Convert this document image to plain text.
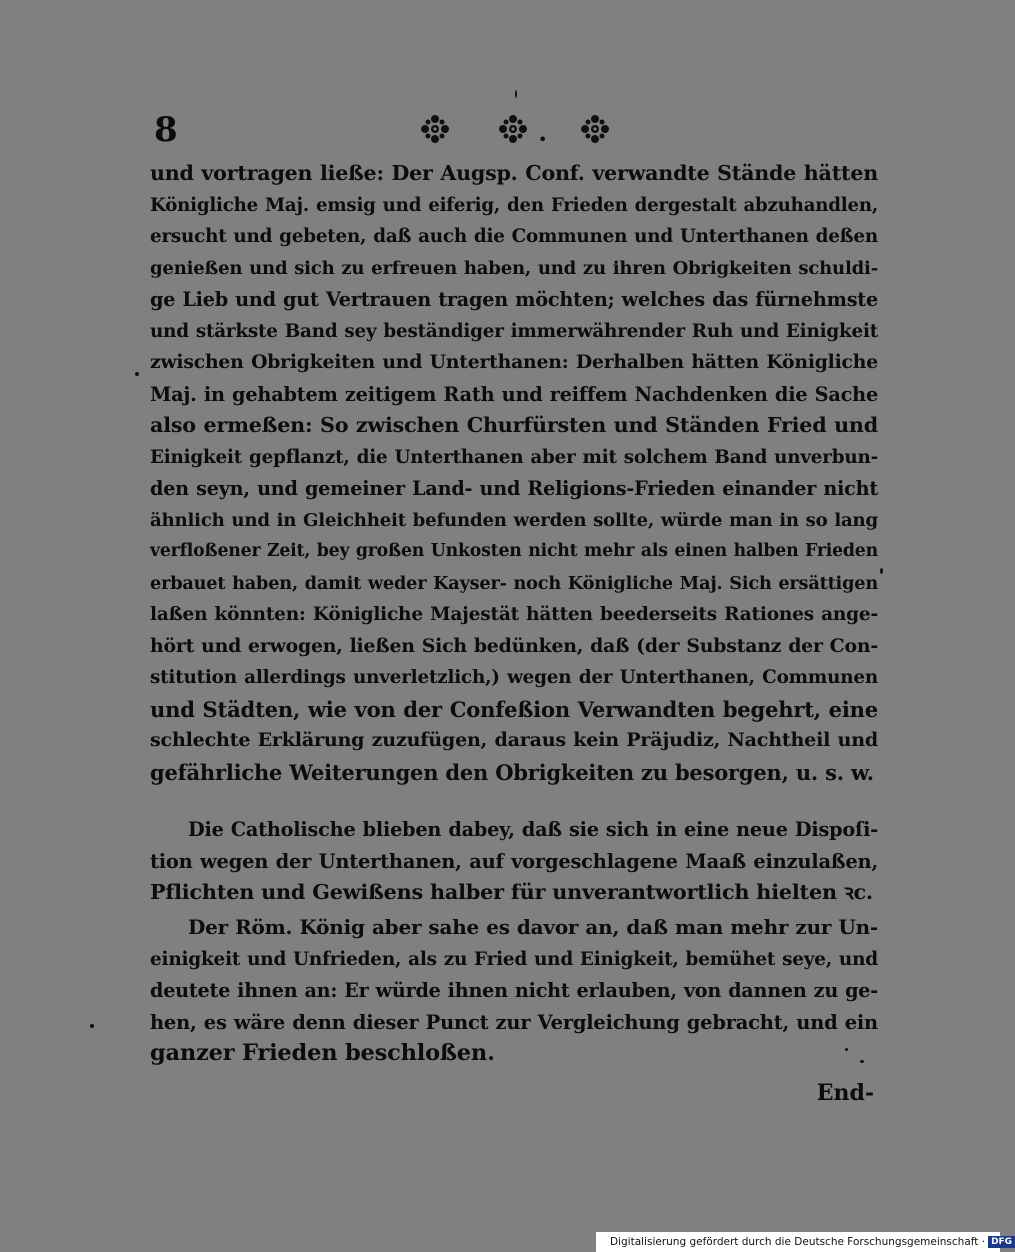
8	•
und vortragen ließe: Der Augsp. Conf. verwandte Stände hätten
Königliche Maj. emsig und eiferig, den Frieden dergestalt abzuhandlen,
ersucht und gebeten, daß auch die Communen und Unterthanen deßen
genießen und sich zu erfreuen haben, und zu ihren Obrigkeiten schuldi-
ge Lieb und gut Vertrauen tragen möchten; welches das fürnehmste
und stärkste Band sey beständiger immerwährender Ruh und Einigkeit
zwischen Obrigkeiten und Unterthanen: Derhalben hätten Königliche
Maj. in gehabtem zeitigem Rath und reiffem Nachdenken die Sache
also ermeßen: So zwischen Churfürsten und Ständen Fried und
Einigkeit gepflanzt, die Unterthanen aber mit solchem Band unverbun-
den seyn, und gemeiner Land- und Religions-Frieden einander nicht
ähnlich und in Gleichheit befunden werden sollte, würde man in so lang
verfloßener Zeit, bey großen Unkosten nicht mehr als einen halben Frieden
erbauet haben, damit weder Kayser- noch Königliche Maj. Sich ersättigen
laßen könnten: Königliche Majestät hätten beederseits Rationes ange-
hört und erwogen, ließen Sich bedünken, daß (der Substanz der Con-
stitution allerdings unverletzlich,) wegen der Unterthanen, Communen
und Städten, wie von der Confeßion Verwandten begehrt, eine
schlechte Erklärung zuzufügen, daraus kein Präjudiz, Nachtheil und
gefährliche Weiterungen den Obrigkeiten zu besorgen, u. s. w.
Die Catholische blieben dabey, daß sie sich in eine neue Dispoſi-
tion wegen der Unterthanen, auf vorgeschlagene Maaß einzulaßen,
Pflichten und Gewißens halber für unverantwortlich hielten ꝛc.
Der Röm. König aber sahe es davor an, daß man mehr zur Un-
einigkeit und Unfrieden, als zu Fried und Einigkeit, bemühet seye, und
deutete ihnen an: Er würde ihnen nicht erlauben, von dannen zu ge-
hen, es wäre denn dieser Punct zur Vergleichung gebracht, und ein
ganzer Frieden beschloßen.
End-
Digitalisierung gefördert durch die Deutsche Forschungsgemeinschaft · DFG
